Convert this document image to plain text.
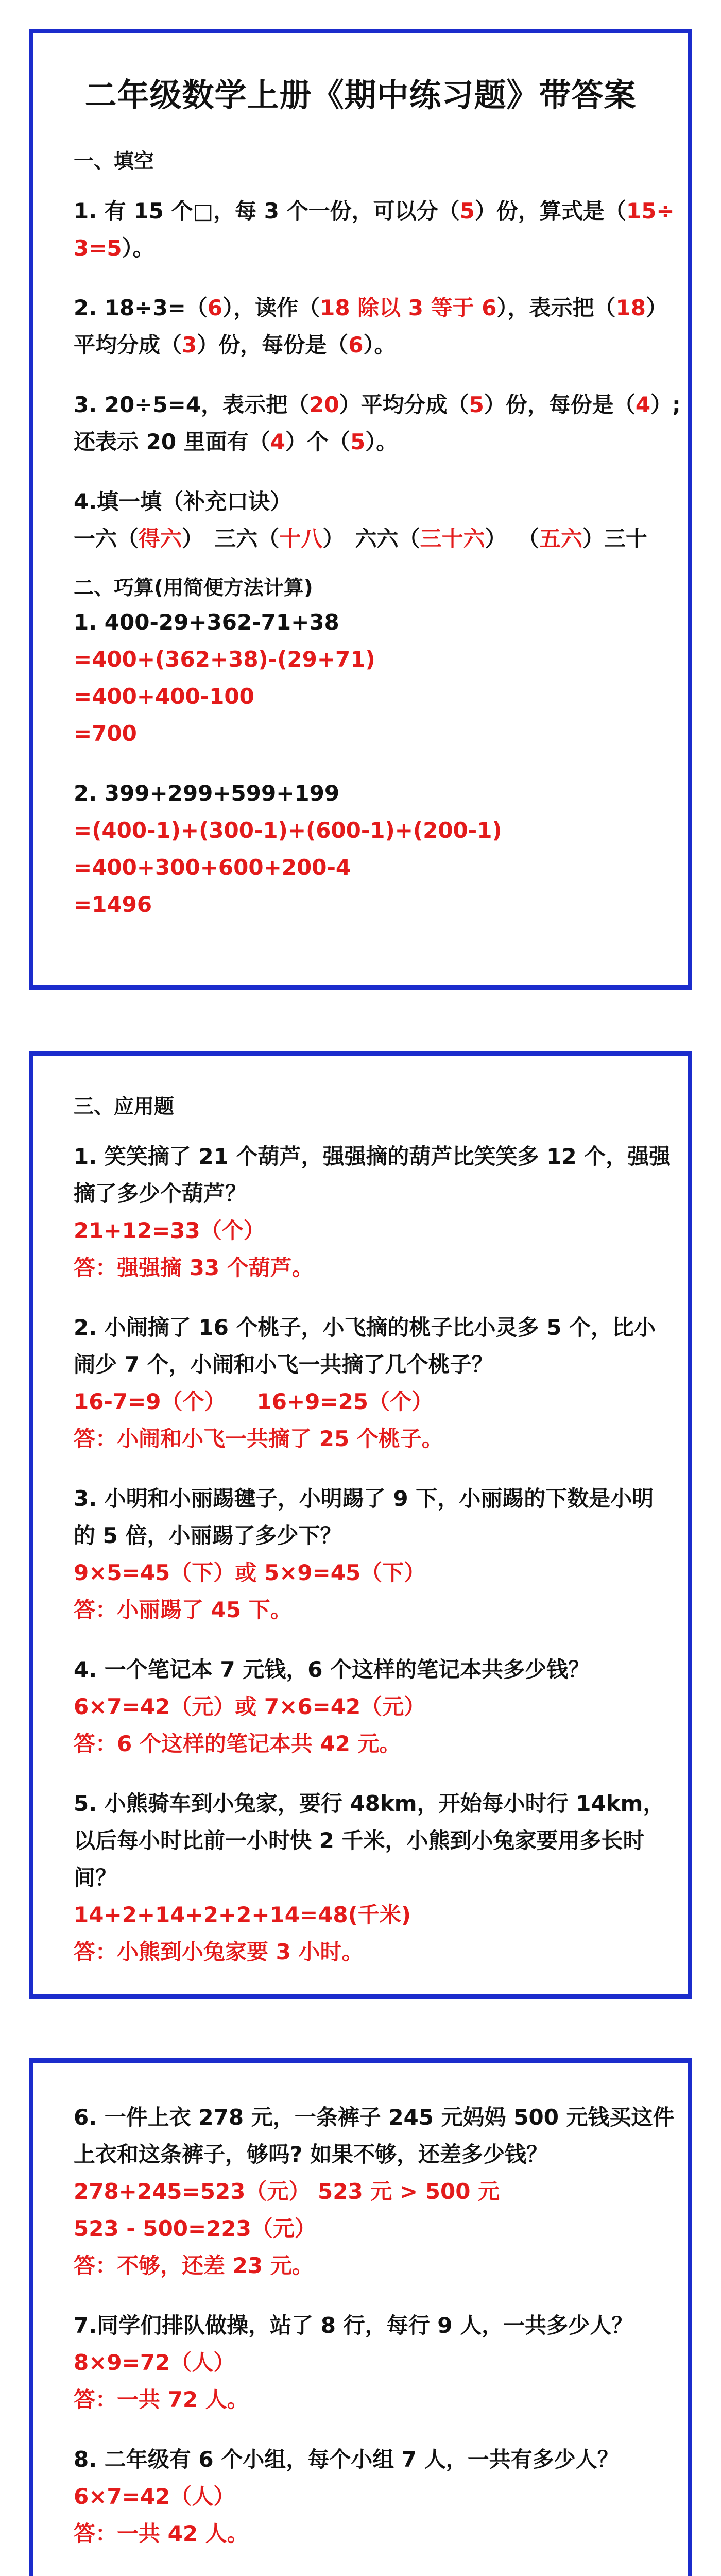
二年级数学上册《期中练习题》带答案

一、填空

1. 有 15 个□，每 3 个一份，可以分（5）份，算式是（15÷

3=5）。

2. 18÷3=（6），读作（18 除以 3 等于 6），表示把（18）

平均分成（3）份，每份是（6）。

3. 20÷5=4，表示把（20）平均分成（5）份，每份是（4）;

还表示 20 里面有（4）个（5）。

4.填一填（补充口诀）

一六（得六） 三六（十八） 六六（三十六） （五六）三十

二、巧算(用简便方法计算)

1. 400-29+362-71+38

=400+(362+38)-(29+71)

=400+400-100

=700

2. 399+299+599+199

=(400-1)+(300-1)+(600-1)+(200-1)

=400+300+600+200-4

=1496

三、应用题

1. 笑笑摘了 21 个葫芦，强强摘的葫芦比笑笑多 12 个，强强

摘了多少个葫芦？

21+12=33（个）

答：强强摘 33 个葫芦。

2. 小闹摘了 16 个桃子，小飞摘的桃子比小灵多 5 个，比小

闹少 7 个，小闹和小飞一共摘了几个桃子？

16-7=9（个） 16+9=25（个）

答：小闹和小飞一共摘了 25 个桃子。

3. 小明和小丽踢毽子，小明踢了 9 下，小丽踢的下数是小明

的 5 倍，小丽踢了多少下？

9×5=45（下）或 5×9=45（下）

答：小丽踢了 45 下。

4. 一个笔记本 7 元钱，6 个这样的笔记本共多少钱？

6×7=42（元）或 7×6=42（元）

答：6 个这样的笔记本共 42 元。

5. 小熊骑车到小兔家，要行 48km，开始每小时行 14km，

以后每小时比前一小时快 2 千米，小熊到小兔家要用多长时

间？

14+2+14+2+2+14=48(千米)

答：小熊到小兔家要 3 小时。

6. 一件上衣 278 元，一条裤子 245 元妈妈 500 元钱买这件

上衣和这条裤子，够吗? 如果不够，还差多少钱？

278+245=523（元） 523 元 > 500 元

523 - 500=223（元）

答：不够，还差 23 元。

7.同学们排队做操，站了 8 行，每行 9 人，一共多少人？

8×9=72（人）

答：一共 72 人。

8. 二年级有 6 个小组，每个小组 7 人，一共有多少人？

6×7=42（人）

答：一共 42 人。
